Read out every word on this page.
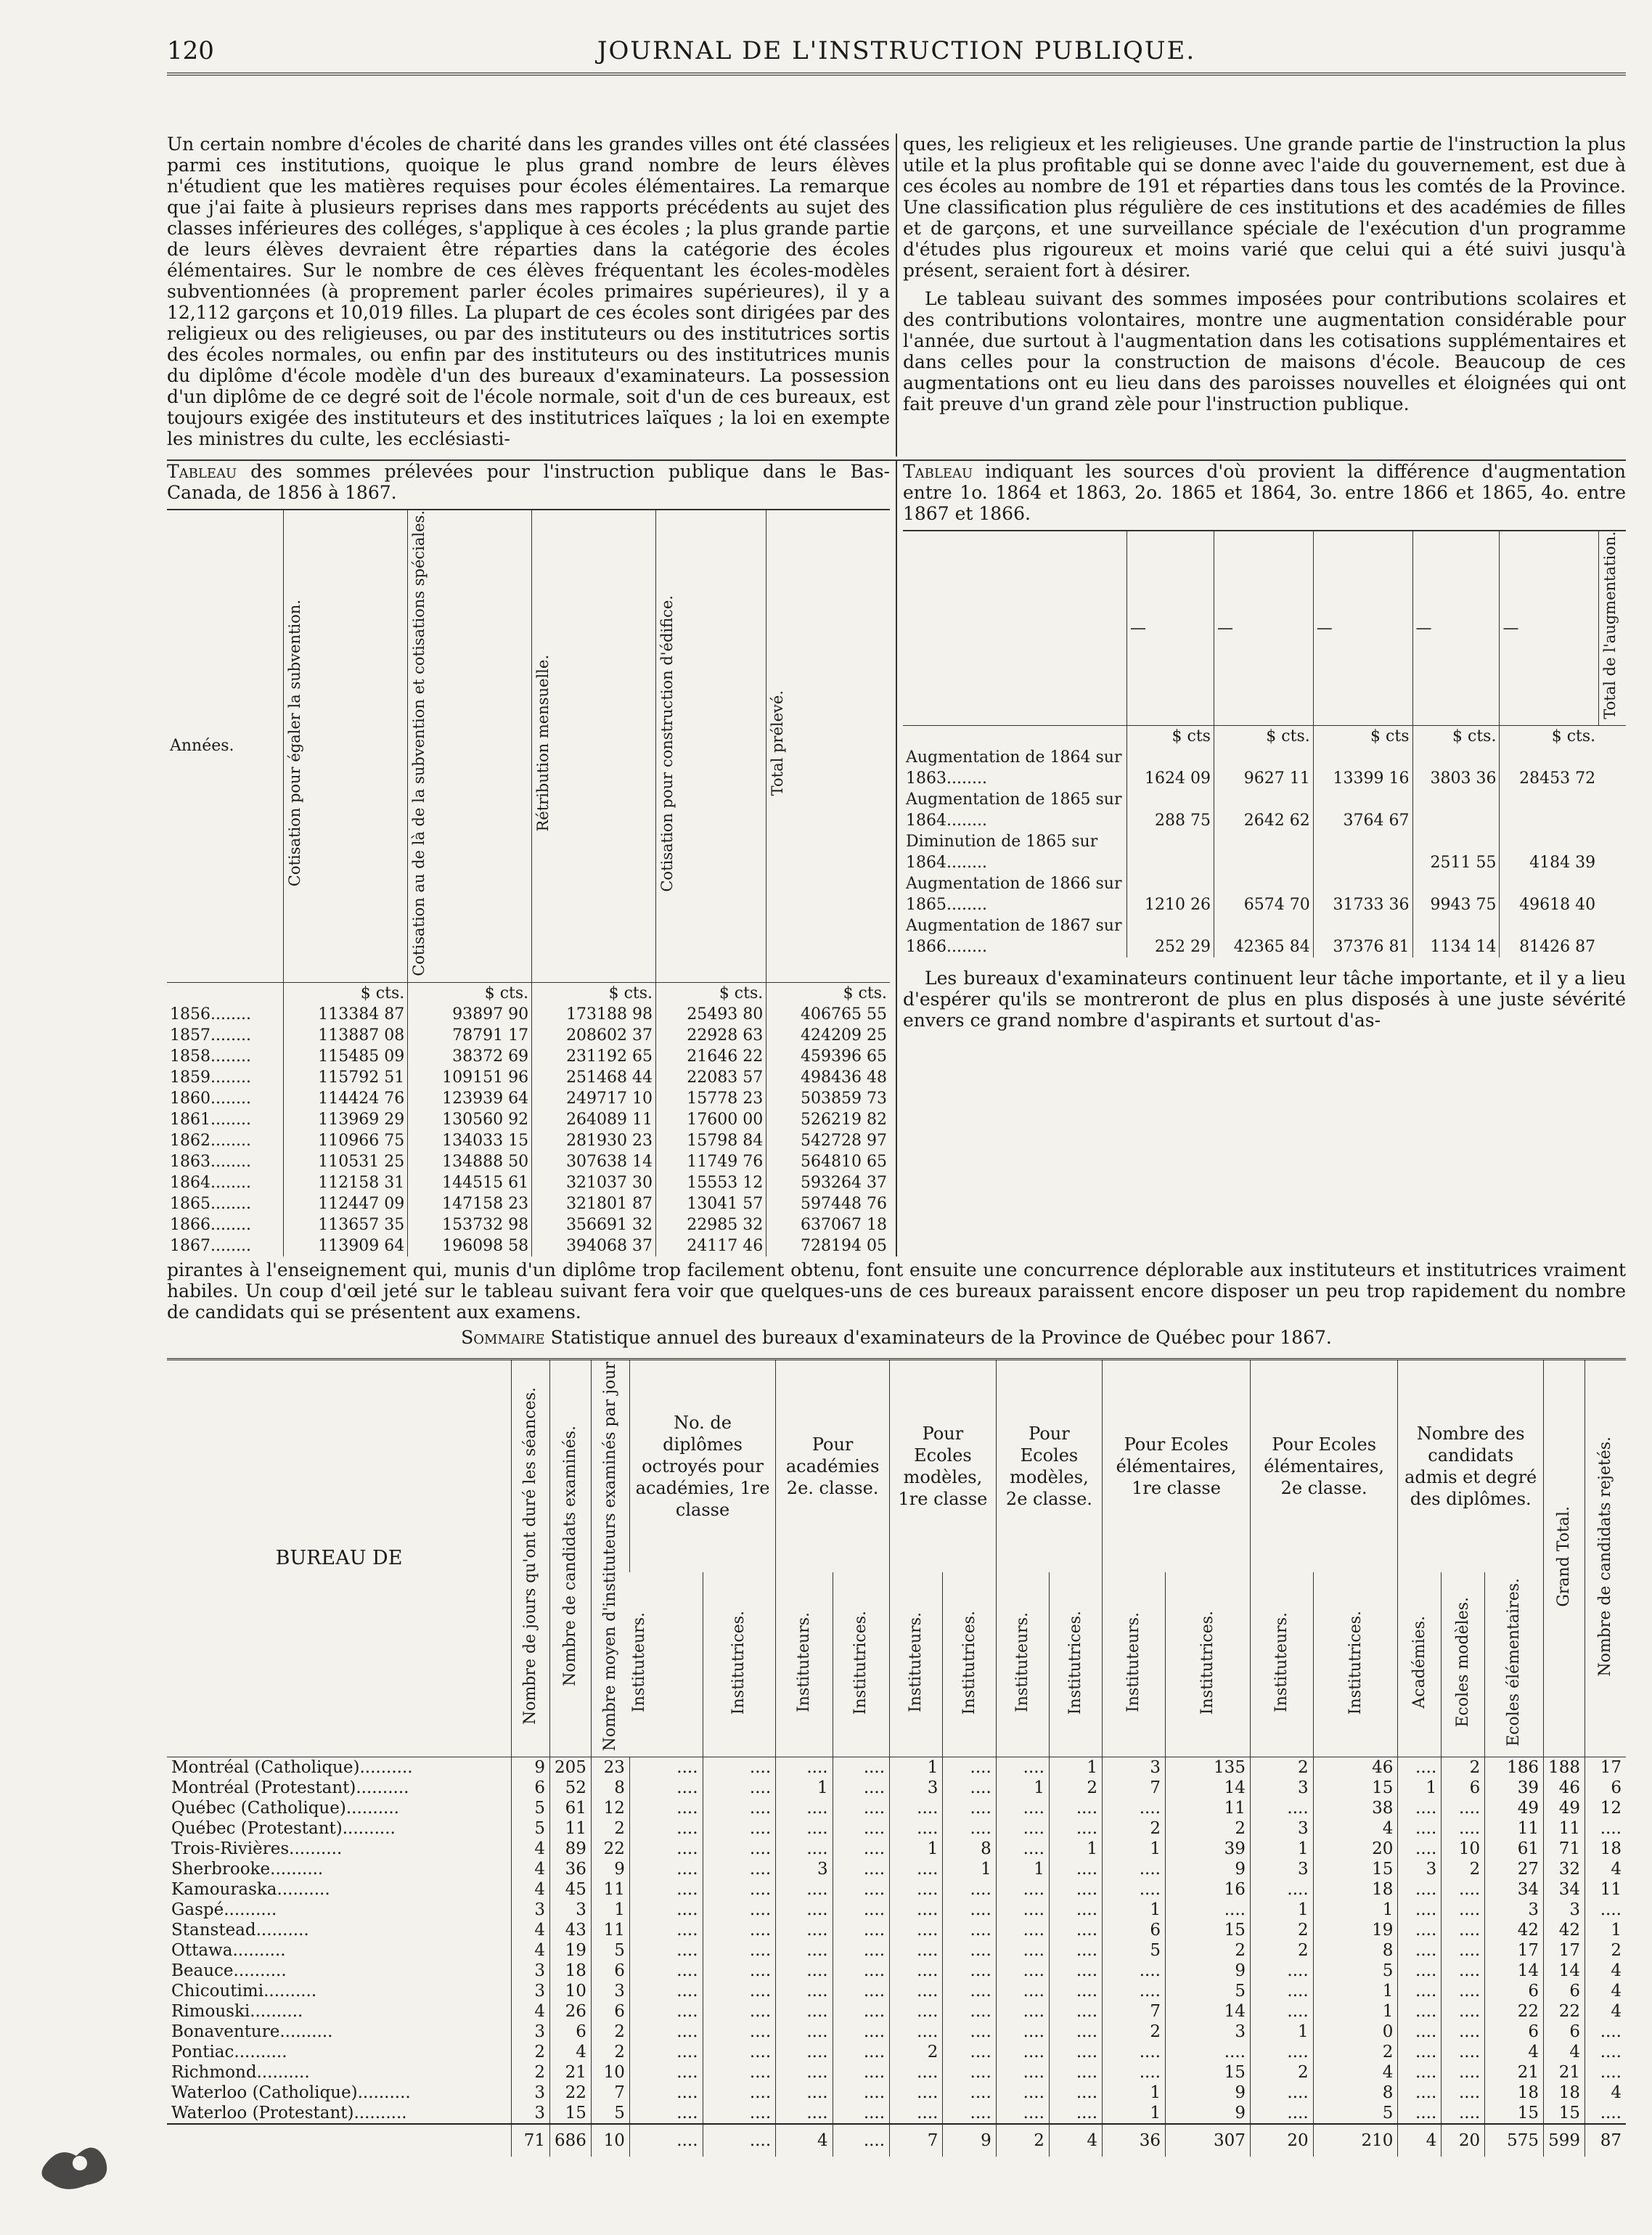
120	JOURNAL DE L'INSTRUCTION PUBLIQUE.

Un certain nombre d'écoles de charité dans les grandes villes ont été classées parmi ces institutions, quoique le plus grand nombre de leurs élèves n'étudient que les matières requises pour écoles élémentaires. La remarque que j'ai faite à plusieurs reprises dans mes rapports précédents au sujet des classes inférieures des colléges, s'applique à ces écoles ; la plus grande partie de leurs élèves devraient être réparties dans la catégorie des écoles élémentaires. Sur le nombre de ces élèves fréquentant les écoles-modèles subventionnées (à proprement parler écoles primaires supérieures), il y a 12,112 garçons et 10,019 filles. La plupart de ces écoles sont dirigées par des religieux ou des religieuses, ou par des instituteurs ou des institutrices sortis des écoles normales, ou enfin par des instituteurs ou des institutrices munis du diplôme d'école modèle d'un des bureaux d'examinateurs. La possession d'un diplôme de ce degré soit de l'école normale, soit d'un de ces bureaux, est toujours exigée des instituteurs et des institutrices laïques ; la loi en exempte les ministres du culte, les ecclésiasti-

ques, les religieux et les religieuses. Une grande partie de l'instruction la plus utile et la plus profitable qui se donne avec l'aide du gouvernement, est due à ces écoles au nombre de 191 et réparties dans tous les comtés de la Province. Une classification plus régulière de ces institutions et des académies de filles et de garçons, et une surveillance spéciale de l'exécution d'un programme d'études plus rigoureux et moins varié que celui qui a été suivi jusqu'à présent, seraient fort à désirer.

Le tableau suivant des sommes imposées pour contributions scolaires et des contributions volontaires, montre une augmentation considérable pour l'année, due surtout à l'augmentation dans les cotisations supplémentaires et dans celles pour la construction de maisons d'école. Beaucoup de ces augmentations ont eu lieu dans des paroisses nouvelles et éloignées qui ont fait preuve d'un grand zèle pour l'instruction publique.

Tableau des sommes prélevées pour l'instruction publique dans le Bas-Canada, de 1856 à 1867.
Années.	Cotisation pour égaler la subvention.	Cotisation au de là de la subvention et cotisations spéciales.	Rétribution mensuelle.	Cotisation pour construction d'édifice.	Total prélevé.
	$ cts.	$ cts.	$ cts.	$ cts.	$ cts.
1856........	113384 87	93897 90	173188 98	25493 80	406765 55
1857........	113887 08	78791 17	208602 37	22928 63	424209 25
1858........	115485 09	38372 69	231192 65	21646 22	459396 65
1859........	115792 51	109151 96	251468 44	22083 57	498436 48
1860........	114424 76	123939 64	249717 10	15778 23	503859 73
1861........	113969 29	130560 92	264089 11	17600 00	526219 82
1862........	110966 75	134033 15	281930 23	15798 84	542728 97
1863........	110531 25	134888 50	307638 14	11749 76	564810 65
1864........	112158 31	144515 61	321037 30	15553 12	593264 37
1865........	112447 09	147158 23	321801 87	13041 57	597448 76
1866........	113657 35	153732 98	356691 32	22985 32	637067 18
1867........	113909 64	196098 58	394068 37	24117 46	728194 05
Tableau indiquant les sources d'où provient la différence d'augmentation entre 1o. 1864 et 1863, 2o. 1865 et 1864, 3o. entre 1866 et 1865, 4o. entre 1867 et 1866.
	—	—	—	—	—	Total de l'augmentation.
	$ cts	$ cts.	$ cts	$ cts.	$ cts.	
Augmentation de 1864 sur 1863........	1624 09	9627 11	13399 16	3803 36	28453 72	
Augmentation de 1865 sur 1864........	288 75	2642 62	3764 67			
Diminution de 1865 sur 1864........				2511 55	4184 39	
Augmentation de 1866 sur 1865........	1210 26	6574 70	31733 36	9943 75	49618 40	
Augmentation de 1867 sur 1866........	252 29	42365 84	37376 81	1134 14	81426 87	

Les bureaux d'examinateurs continuent leur tâche importante, et il y a lieu d'espérer qu'ils se montreront de plus en plus disposés à une juste sévérité envers ce grand nombre d'aspirants et surtout d'as-

pirantes à l'enseignement qui, munis d'un diplôme trop facilement obtenu, font ensuite une concurrence déplorable aux instituteurs et institutrices vraiment habiles. Un coup d'œil jeté sur le tableau suivant fera voir que quelques-uns de ces bureaux paraissent encore disposer un peu trop rapidement du nombre de candidats qui se présentent aux examens.
Sommaire Statistique annuel des bureaux d'examinateurs de la Province de Québec pour 1867.
BUREAU DE	Nombre de jours qu'ont duré les séances.	Nombre de candidats examinés.	Nombre moyen d'instituteurs examinés par jour	No. de diplômes octroyés pour académies, 1re classe		Pour académies 2e. classe.		Pour Ecoles modèles, 1re classe		Pour Ecoles modèles, 2e classe.		Pour Ecoles élémentaires, 1re classe		Pour Ecoles élémentaires, 2e classe.		Nombre des candidats admis et degré des diplômes.			Grand Total.	Nombre de candidats rejetés.
				Instituteurs.	Institutrices.	Instituteurs.	Institutrices.	Instituteurs.	Institutrices.	Instituteurs.	Institutrices.	Instituteurs.	Institutrices.	Instituteurs.	Institutrices.	Académies.	Ecoles modèles.	Ecoles élémentaires.		
Montréal (Catholique)..........	9	205	23	....	....	....	....	1	....	....	1	3	135	2	46	....	2	186	188	17
Montréal (Protestant)..........	6	52	8	....	....	1	....	3	....	1	2	7	14	3	15	1	6	39	46	6
Québec (Catholique)..........	5	61	12	....	....	....	....	....	....	....	....	....	11	....	38	....	....	49	49	12
Québec (Protestant)..........	5	11	2	....	....	....	....	....	....	....	....	2	2	3	4	....	....	11	11	....
Trois-Rivières..........	4	89	22	....	....	....	....	1	8	....	1	1	39	1	20	....	10	61	71	18
Sherbrooke..........	4	36	9	....	....	3	....	....	1	1	....	....	9	3	15	3	2	27	32	4
Kamouraska..........	4	45	11	....	....	....	....	....	....	....	....	....	16	....	18	....	....	34	34	11
Gaspé..........	3	3	1	....	....	....	....	....	....	....	....	1	....	1	1	....	....	3	3	....
Stanstead..........	4	43	11	....	....	....	....	....	....	....	....	6	15	2	19	....	....	42	42	1
Ottawa..........	4	19	5	....	....	....	....	....	....	....	....	5	2	2	8	....	....	17	17	2
Beauce..........	3	18	6	....	....	....	....	....	....	....	....	....	9	....	5	....	....	14	14	4
Chicoutimi..........	3	10	3	....	....	....	....	....	....	....	....	....	5	....	1	....	....	6	6	4
Rimouski..........	4	26	6	....	....	....	....	....	....	....	....	7	14	....	1	....	....	22	22	4
Bonaventure..........	3	6	2	....	....	....	....	....	....	....	....	2	3	1	0	....	....	6	6	....
Pontiac..........	2	4	2	....	....	....	....	2	....	....	....	....	....	....	2	....	....	4	4	....
Richmond..........	2	21	10	....	....	....	....	....	....	....	....	....	15	2	4	....	....	21	21	....
Waterloo (Catholique)..........	3	22	7	....	....	....	....	....	....	....	....	1	9	....	8	....	....	18	18	4
Waterloo (Protestant)..........	3	15	5	....	....	....	....	....	....	....	....	1	9	....	5	....	....	15	15	....
	71	686	10	....	....	4	....	7	9	2	4	36	307	20	210	4	20	575	599	87
